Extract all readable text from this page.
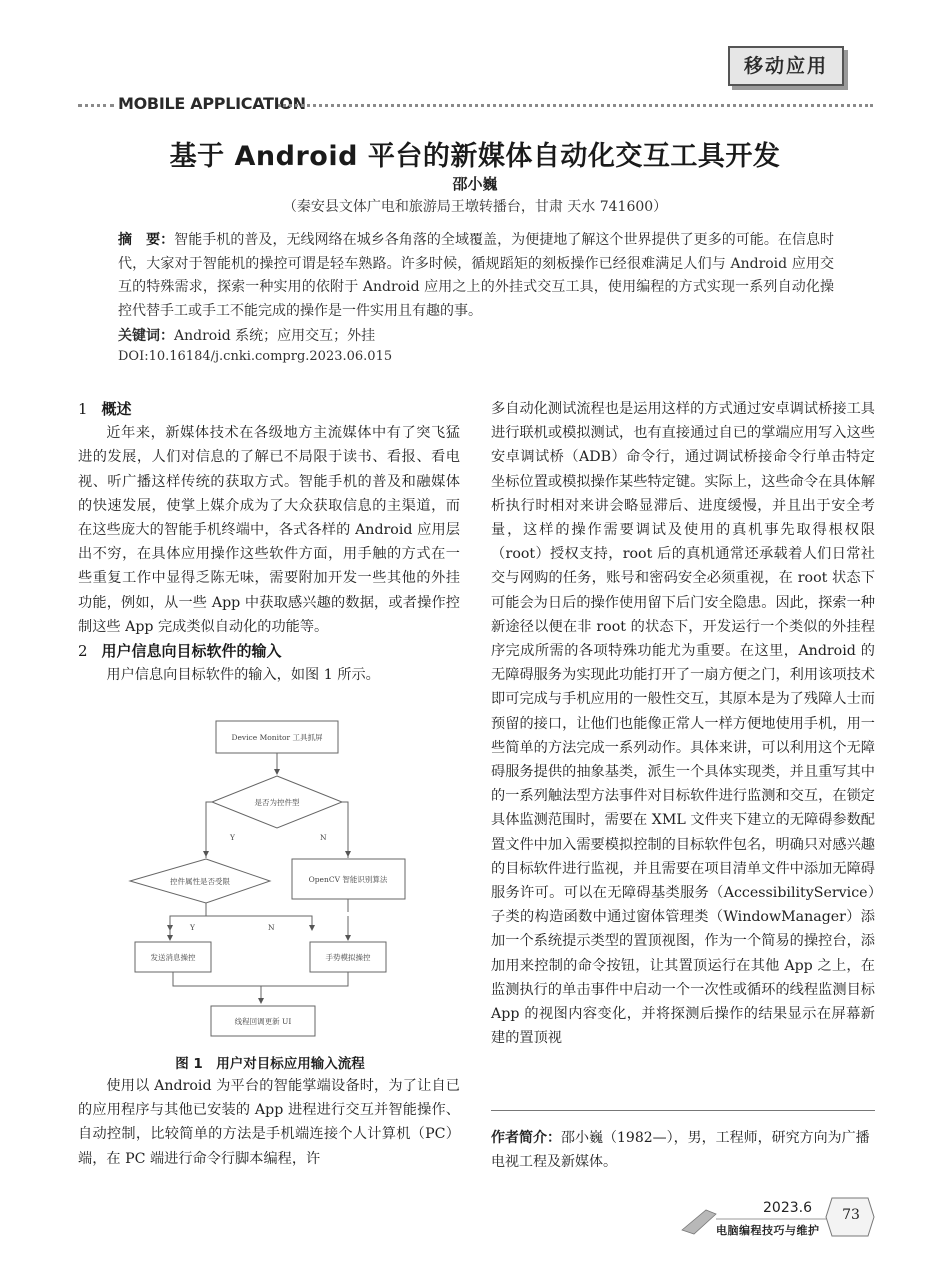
移动应用
MOBILE APPLICATION
基于 Android 平台的新媒体自动化交互工具开发
邵小巍
（秦安县文体广电和旅游局王墩转播台，甘肃 天水 741600）
摘　要：智能手机的普及，无线网络在城乡各角落的全域覆盖，为便捷地了解这个世界提供了更多的可能。在信息时代，大家对于智能机的操控可谓是轻车熟路。许多时候，循规蹈矩的刻板操作已经很难满足人们与 Android 应用交互的特殊需求，探索一种实用的依附于 Android 应用之上的外挂式交互工具，使用编程的方式实现一系列自动化操控代替手工或手工不能完成的操作是一件实用且有趣的事。
关键词：Android 系统；应用交互；外挂
DOI:10.16184/j.cnki.comprg.2023.06.015
1 概述

近年来，新媒体技术在各级地方主流媒体中有了突飞猛进的发展，人们对信息的了解已不局限于读书、看报、看电视、听广播这样传统的获取方式。智能手机的普及和融媒体的快速发展，使掌上媒介成为了大众获取信息的主渠道，而在这些庞大的智能手机终端中，各式各样的 Android 应用层出不穷，在具体应用操作这些软件方面，用手触的方式在一些重复工作中显得乏陈无味，需要附加开发一些其他的外挂功能，例如，从一些 App 中获取感兴趣的数据，或者操作控制这些 App 完成类似自动化的功能等。

2 用户信息向目标软件的输入

用户信息向目标软件的输入，如图 1 所示。

Device Monitor 工具抓屏
是否为控件型
Y	N
控件属性是否受限	OpenCV 智能识别算法
Y	N
发送消息操控	手势模拟操控
线程回调更新 UI
图 1　用户对目标应用输入流程

使用以 Android 为平台的智能掌端设备时，为了让自已的应用程序与其他已安装的 App 进程进行交互并智能操作、自动控制，比较简单的方法是手机端连接个人计算机（PC）端，在 PC 端进行命令行脚本编程，许

多自动化测试流程也是运用这样的方式通过安卓调试桥接工具进行联机或模拟测试，也有直接通过自已的掌端应用写入这些安卓调试桥（ADB）命令行，通过调试桥接命令行单击特定坐标位置或模拟操作某些特定键。实际上，这些命令在具体解析执行时相对来讲会略显滞后、进度缓慢，并且出于安全考量，这样的操作需要调试及使用的真机事先取得根权限（root）授权支持，root 后的真机通常还承载着人们日常社交与网购的任务，账号和密码安全必须重视，在 root 状态下可能会为日后的操作使用留下后门安全隐患。因此，探索一种新途径以便在非 root 的状态下，开发运行一个类似的外挂程序完成所需的各项特殊功能尤为重要。在这里，Android 的无障碍服务为实现此功能打开了一扇方便之门，利用该项技术即可完成与手机应用的一般性交互，其原本是为了残障人士而预留的接口，让他们也能像正常人一样方便地使用手机，用一些简单的方法完成一系列动作。具体来讲，可以利用这个无障碍服务提供的抽象基类，派生一个具体实现类，并且重写其中的一系列触法型方法事件对目标软件进行监测和交互，在锁定具体监测范围时，需要在 XML 文件夹下建立的无障碍参数配置文件中加入需要模拟控制的目标软件包名，明确只对感兴趣的目标软件进行监视，并且需要在项目清单文件中添加无障碍服务许可。可以在无障碍基类服务（AccessibilityService）子类的构造函数中通过窗体管理类（WindowManager）添加一个系统提示类型的置顶视图，作为一个简易的操控台，添加用来控制的命令按钮，让其置顶运行在其他 App 之上，在监测执行的单击事件中启动一个一次性或循环的线程监测目标 App 的视图内容变化，并将探测后操作的结果显示在屏幕新建的置顶视

作者简介：邵小巍（1982—），男，工程师，研究方向为广播电视工程及新媒体。
2023.6
电脑编程技巧与维护
73
